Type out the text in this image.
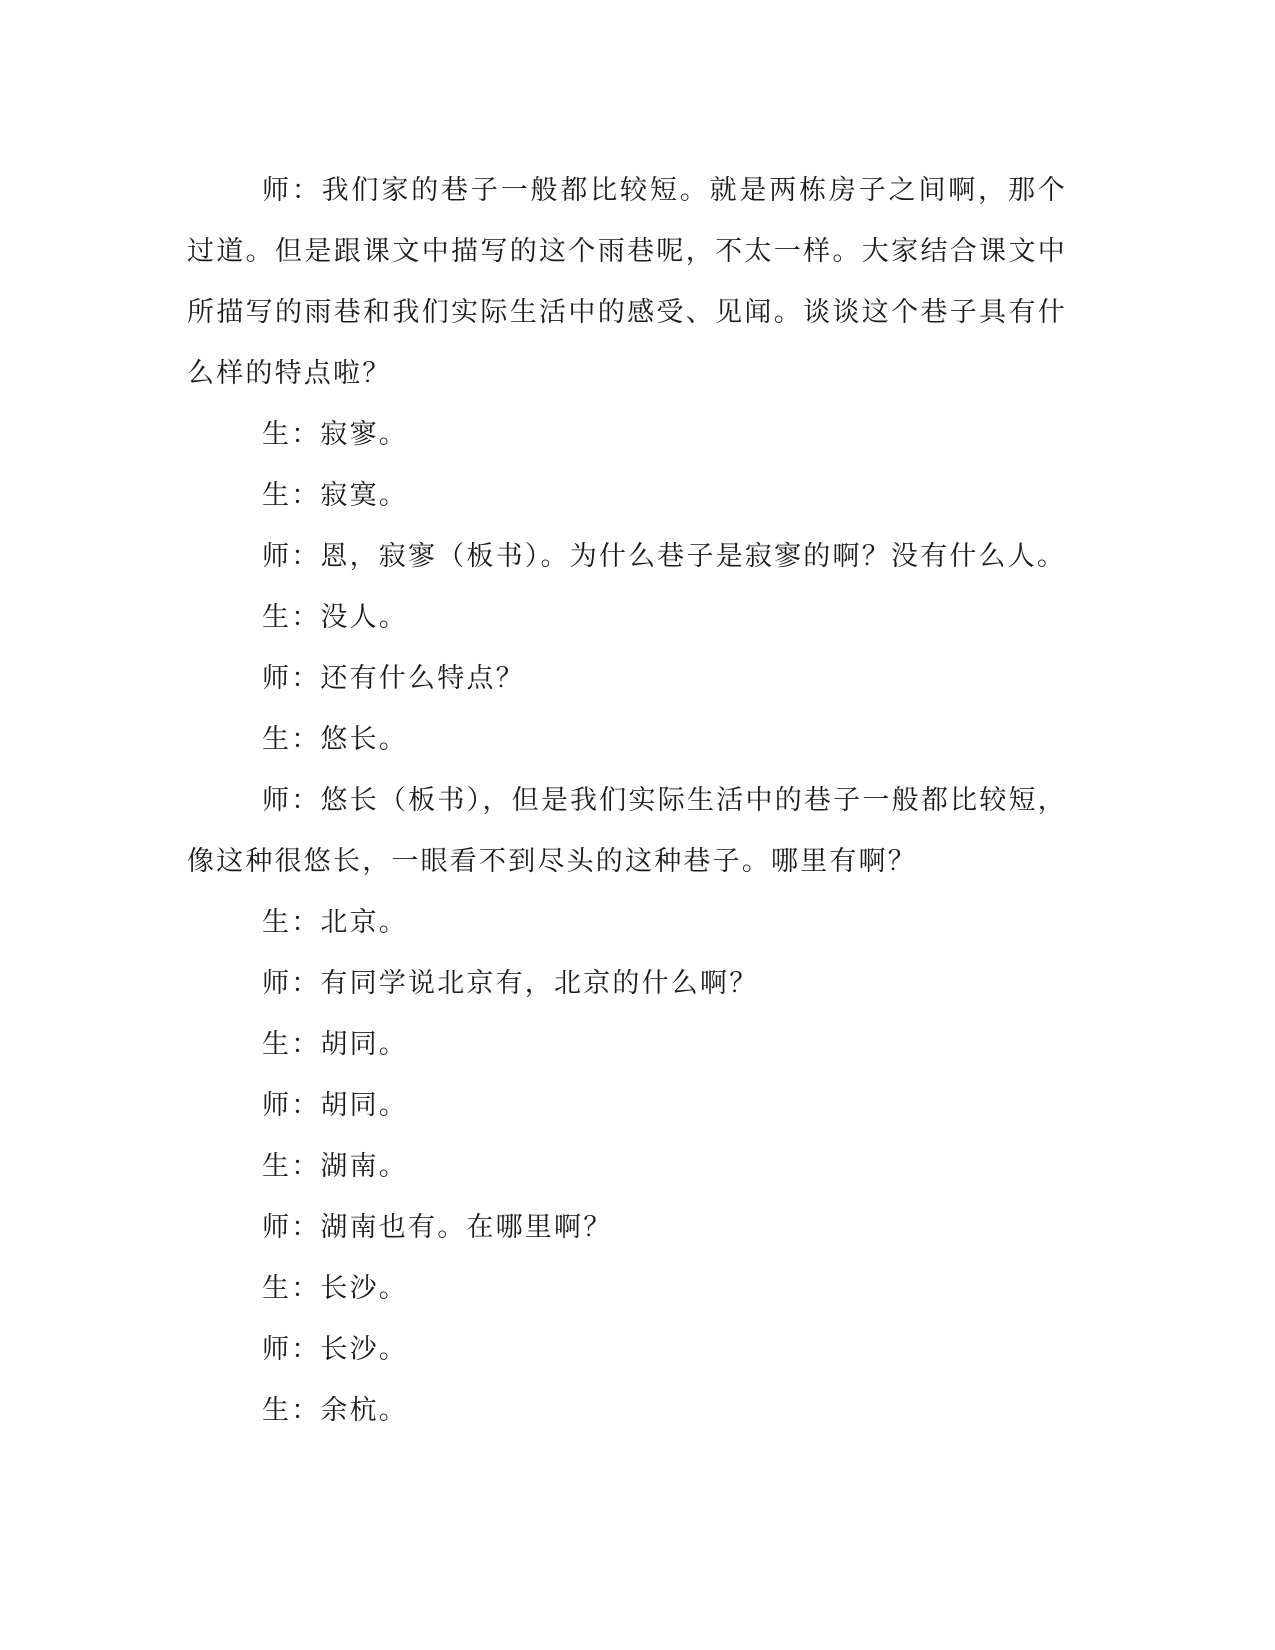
师：我们家的巷子一般都比较短。就是两栋房子之间啊，那个过道。但是跟课文中描写的这个雨巷呢，不太一样。大家结合课文中所描写的雨巷和我们实际生活中的感受、见闻。谈谈这个巷子具有什么样的特点啦？

生：寂寥。

生：寂寞。

师：恩，寂寥（板书）。为什么巷子是寂寥的啊？没有什么人。

生：没人。

师：还有什么特点？

生：悠长。

师：悠长（板书），但是我们实际生活中的巷子一般都比较短，像这种很悠长，一眼看不到尽头的这种巷子。哪里有啊？

生：北京。

师：有同学说北京有，北京的什么啊？

生：胡同。

师：胡同。

生：湖南。

师：湖南也有。在哪里啊？

生：长沙。

师：长沙。

生：余杭。
